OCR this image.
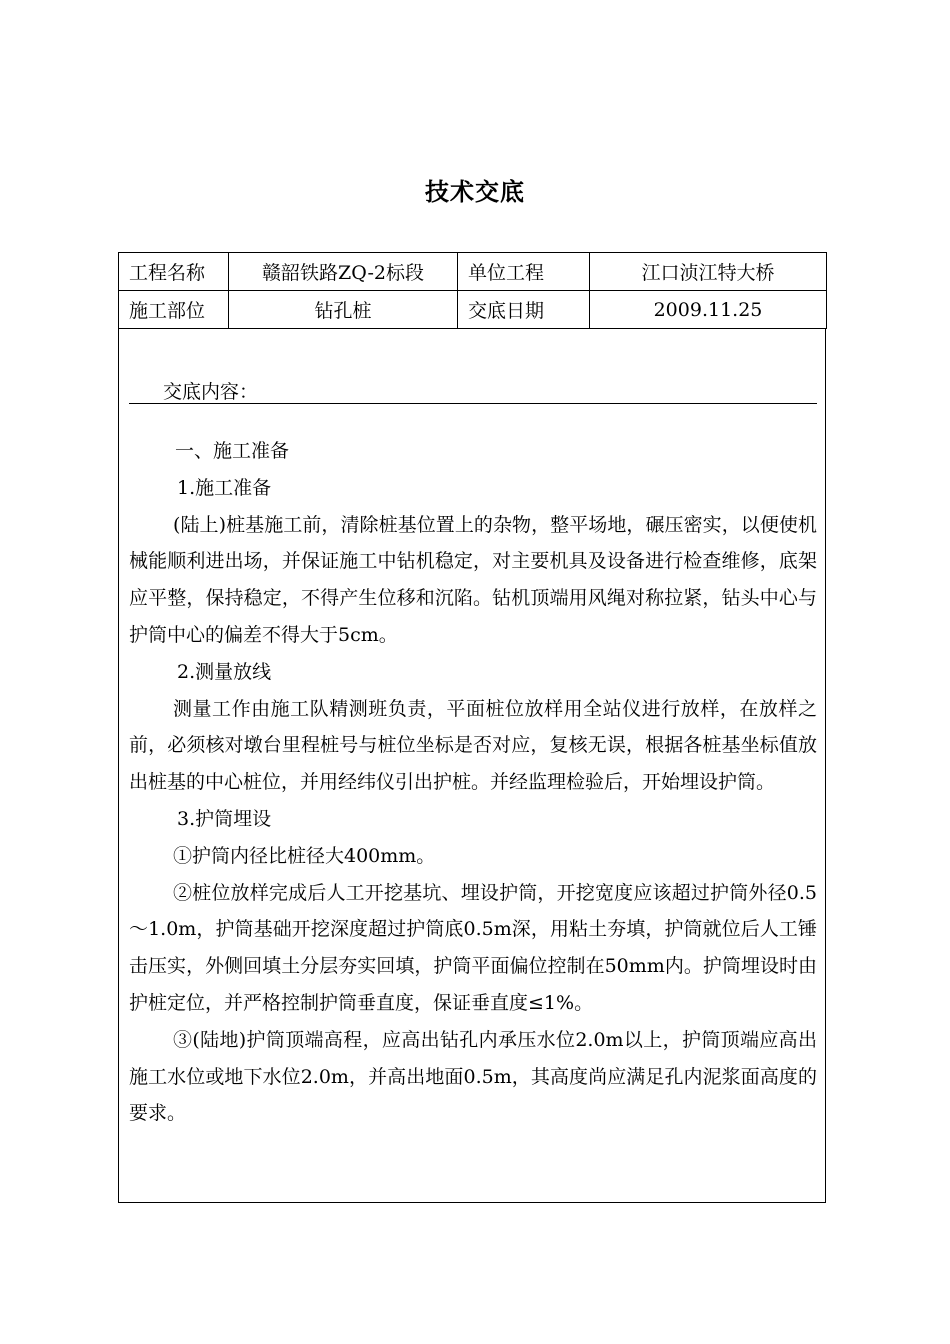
技术交底
工程名称	赣韶铁路ZQ-2标段	单位工程	江口浈江特大桥
施工部位	钻孔桩	交底日期	2009.11.25
交底内容：

一、施工准备

1.施工准备

(陆上)桩基施工前，清除桩基位置上的杂物，整平场地，碾压密实，以便使机械能顺利进出场，并保证施工中钻机稳定，对主要机具及设备进行检查维修，底架应平整，保持稳定，不得产生位移和沉陷。钻机顶端用风绳对称拉紧，钻头中心与护筒中心的偏差不得大于5cm。

2.测量放线

测量工作由施工队精测班负责，平面桩位放样用全站仪进行放样，在放样之前，必须核对墩台里程桩号与桩位坐标是否对应，复核无误，根据各桩基坐标值放出桩基的中心桩位，并用经纬仪引出护桩。并经监理检验后，开始埋设护筒。

3.护筒埋设

①护筒内径比桩径大400mm。

②桩位放样完成后人工开挖基坑、埋设护筒，开挖宽度应该超过护筒外径0.5～1.0m，护筒基础开挖深度超过护筒底0.5m深，用粘土夯填，护筒就位后人工锤击压实，外侧回填土分层夯实回填，护筒平面偏位控制在50mm内。护筒埋设时由护桩定位，并严格控制护筒垂直度，保证垂直度≤1%。

③(陆地)护筒顶端高程，应高出钻孔内承压水位2.0m以上，护筒顶端应高出施工水位或地下水位2.0m，并高出地面0.5m，其高度尚应满足孔内泥浆面高度的要求。
